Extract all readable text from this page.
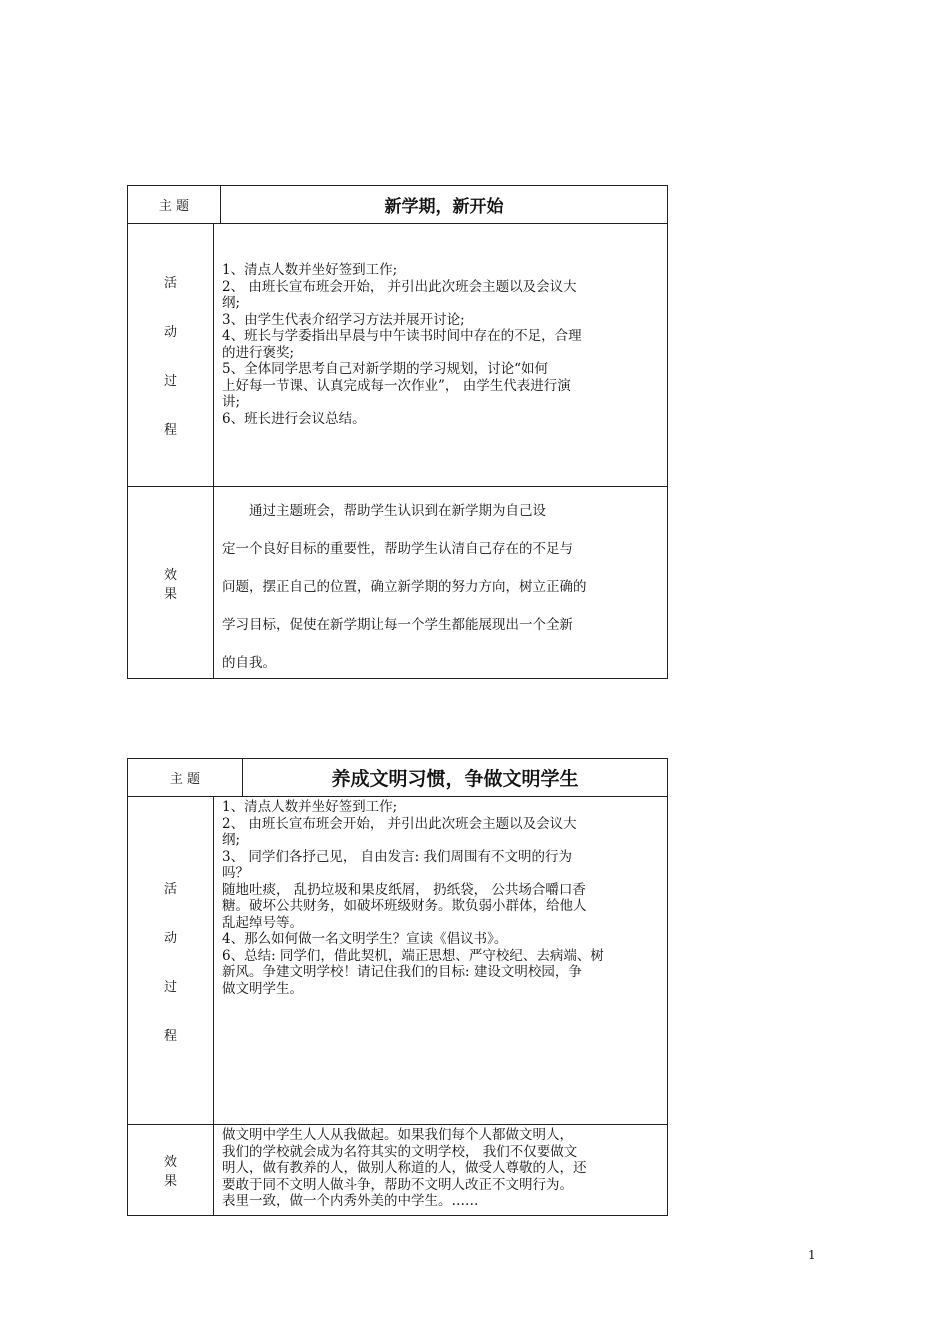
主 题	新学期，新开始
活
动
过
程
1、清点人数并坐好签到工作;
2、 由班长宣布班会开始， 并引出此次班会主题以及会议大
纲;
3、由学生代表介绍学习方法并展开讨论;
4、班长与学委指出早晨与中午读书时间中存在的不足，合理
的进行褒奖;
5、全体同学思考自己对新学期的学习规划，讨论“如何
上好每一节课、认真完成每一次作业”， 由学生代表进行演
讲;
6、班长进行会议总结。
效
果
　　通过主题班会，帮助学生认识到在新学期为自己设
定一个良好目标的重要性，帮助学生认清自己存在的不足与
问题，摆正自己的位置，确立新学期的努力方向，树立正确的
学习目标，促使在新学期让每一个学生都能展现出一个全新
的自我。
主 题	养成文明习惯，争做文明学生
活
动
过
程
1、清点人数并坐好签到工作;
2、 由班长宣布班会开始， 并引出此次班会主题以及会议大
纲;
3、 同学们各抒己见， 自由发言: 我们周围有不文明的行为
吗？
随地吐痰， 乱扔垃圾和果皮纸屑， 扔纸袋， 公共场合嚼口香
糖。破坏公共财务，如破坏班级财务。欺负弱小群体，给他人
乱起绰号等。
4、那么如何做一名文明学生？宣读《倡议书》。
6、总结: 同学们，借此契机，端正思想、严守校纪、去病端、树
新风。争建文明学校！请记住我们的目标: 建设文明校园，争
做文明学生。
效
果
做文明中学生人人从我做起。如果我们每个人都做文明人，
我们的学校就会成为名符其实的文明学校， 我们不仅要做文
明人，做有教养的人，做别人称道的人，做受人尊敬的人，还
要敢于同不文明人做斗争，帮助不文明人改正不文明行为。
表里一致，做一个内秀外美的中学生。……
1
